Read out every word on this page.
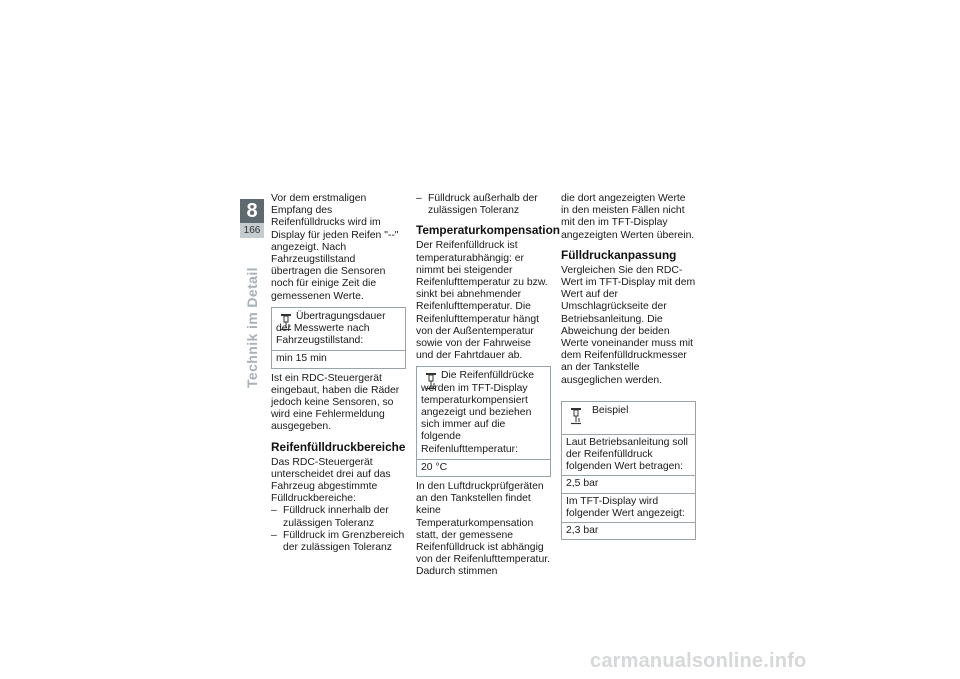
8
166
Technik im Detail

Vor dem erstmaligen Empfang des Reifenfülldrucks wird im Display für jeden Reifen "--" angezeigt. Nach Fahrzeugstillstand übertragen die Sensoren noch für einige Zeit die gemessenen Werte.

Übertragungsdauer der Messwerte nach Fahrzeugstillstand:
min 15 min

Ist ein RDC-Steuergerät eingebaut, haben die Räder jedoch keine Sensoren, so wird eine Fehlermeldung ausgegeben.

Reifenfülldruckbereiche

Das RDC-Steuergerät unterscheidet drei auf das Fahrzeug abgestimmte Fülldruckbereiche:

– Fülldruck innerhalb der zulässigen Toleranz
– Fülldruck im Grenzbereich der zulässigen Toleranz
– Fülldruck außerhalb der zulässigen Toleranz
Temperaturkompensation

Der Reifenfülldruck ist temperaturabhängig: er nimmt bei steigender Reifenlufttemperatur zu bzw. sinkt bei abnehmender Reifenlufttemperatur. Die Reifenlufttemperatur hängt von der Außentemperatur sowie von der Fahrweise und der Fahrtdauer ab.

Die Reifenfülldrücke werden im TFT-Display temperaturkompensiert angezeigt und beziehen sich immer auf die folgende Reifenlufttemperatur:
20 °C

In den Luftdruckprüfgeräten an den Tankstellen findet keine Temperaturkompensation statt, der gemessene Reifenfülldruck ist abhängig von der Reifenlufttemperatur. Dadurch stimmen

die dort angezeigten Werte in den meisten Fällen nicht mit den im TFT-Display angezeigten Werten überein.

Fülldruckanpassung

Vergleichen Sie den RDC-Wert im TFT-Display mit dem Wert auf der Umschlagrückseite der Betriebsanleitung. Die Abweichung der beiden Werte voneinander muss mit dem Reifenfülldruckmesser an der Tankstelle ausgeglichen werden.

Beispiel
Laut Betriebsanleitung soll der Reifenfülldruck folgenden Wert betragen:
2,5 bar
Im TFT-Display wird folgender Wert angezeigt:
2,3 bar
carmanualsonline.info
